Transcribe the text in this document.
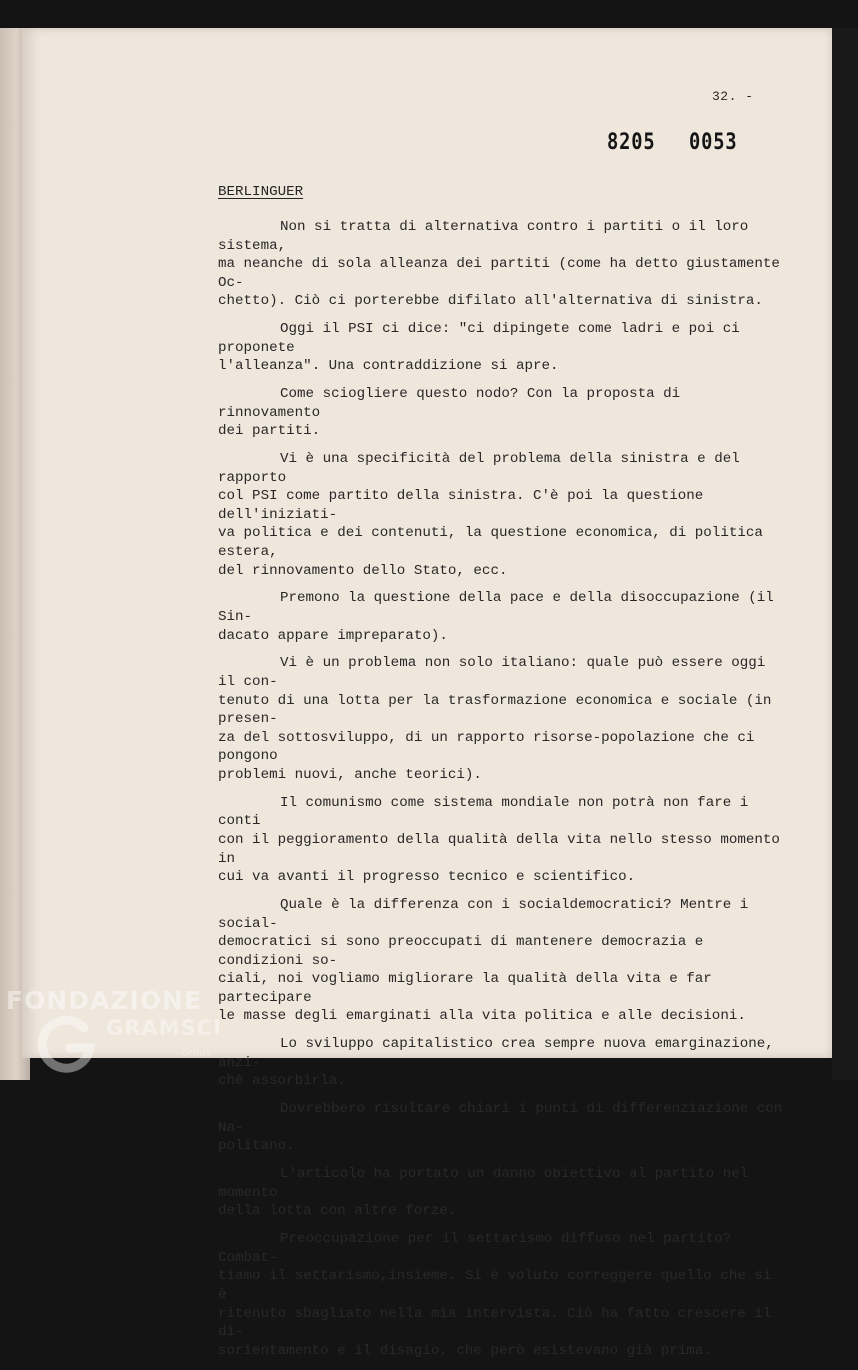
32. -
8205 0053
BERLINGUER

Non si tratta di alternativa contro i partiti o il loro sistema,
ma neanche di sola alleanza dei partiti (come ha detto giustamente Oc-
chetto). Ciò ci porterebbe difilato all'alternativa di sinistra.

Oggi il PSI ci dice: "ci dipingete come ladri e poi ci proponete
l'alleanza". Una contraddizione si apre.

Come sciogliere questo nodo? Con la proposta di rinnovamento
dei partiti.

Vi è una specificità del problema della sinistra e del rapporto
col PSI come partito della sinistra. C'è poi la questione dell'iniziati-
va politica e dei contenuti, la questione economica, di politica estera,
del rinnovamento dello Stato, ecc.

Premono la questione della pace e della disoccupazione (il Sin-
dacato appare impreparato).

Vi è un problema non solo italiano: quale può essere oggi il con-
tenuto di una lotta per la trasformazione economica e sociale (in presen-
za del sottosviluppo, di un rapporto risorse-popolazione che ci pongono
problemi nuovi, anche teorici).

Il comunismo come sistema mondiale non potrà non fare i conti
con il peggioramento della qualità della vita nello stesso momento in
cui va avanti il progresso tecnico e scientifico.

Quale è la differenza con i socialdemocratici? Mentre i social-
democratici si sono preoccupati di mantenere democrazia e condizioni so-
ciali, noi vogliamo migliorare la qualità della vita e far partecipare
le masse degli emarginati alla vita politica e alle decisioni.

Lo sviluppo capitalistico crea sempre nuova emarginazione, anzi-
chè assorbirla.

Dovrebbero risultare chiari i punti di differenziazione con Na-
politano.

L'articolo ha portato un danno obiettivo al partito nel momento
della lotta con altre forze.

Preoccupazione per il settarismo diffuso nel partito? Combat-
tiamo il settarismo,insieme. Si è voluto correggere quello che si è
ritenuto sbagliato nella mia intervista. Ciò ha fatto crescere il di-
sorientamento e il disagio, che però esistevano già prima.

FONDAZIONE
GRAMSCI
onlus
